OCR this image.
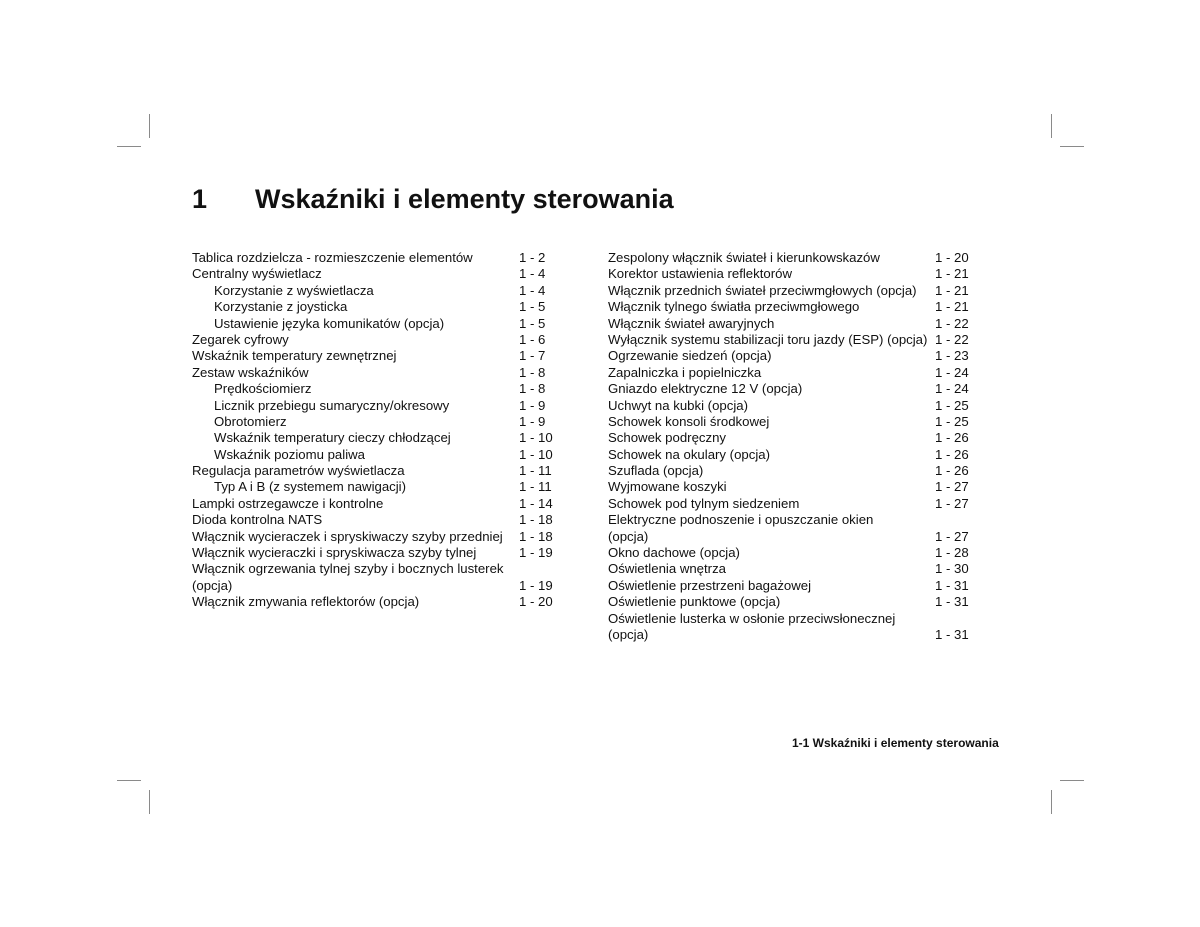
1 Wskaźniki i elementy sterowania
Tablica rozdzielcza - rozmieszczenie elementów	1 - 2
Centralny wyświetlacz	1 - 4
Korzystanie z wyświetlacza	1 - 4
Korzystanie z joysticka	1 - 5
Ustawienie języka komunikatów (opcja)	1 - 5
Zegarek cyfrowy	1 - 6
Wskaźnik temperatury zewnętrznej	1 - 7
Zestaw wskaźników	1 - 8
Prędkościomierz	1 - 8
Licznik przebiegu sumaryczny/okresowy	1 - 9
Obrotomierz	1 - 9
Wskaźnik temperatury cieczy chłodzącej	1 - 10
Wskaźnik poziomu paliwa	1 - 10
Regulacja parametrów wyświetlacza	1 - 11
Typ A i B (z systemem nawigacji)	1 - 11
Lampki ostrzegawcze i kontrolne	1 - 14
Dioda kontrolna NATS	1 - 18
Włącznik wycieraczek i spryskiwaczy szyby przedniej 1 - 18
Włącznik wycieraczki i spryskiwacza szyby tylnej	1 - 19
Włącznik ogrzewania tylnej szyby i bocznych lusterek
(opcja)	1 - 19
Włącznik zmywania reflektorów (opcja)	1 - 20
Zespolony włącznik świateł i kierunkowskazów	1 - 20
Korektor ustawienia reflektorów	1 - 21
Włącznik przednich świateł przeciwmgłowych (opcja) 1 - 21
Włącznik tylnego światła przeciwmgłowego	1 - 21
Włącznik świateł awaryjnych	1 - 22
Wyłącznik systemu stabilizacji toru jazdy (ESP) (opcja) 1 - 22
Ogrzewanie siedzeń (opcja)	1 - 23
Zapalniczka i popielniczka	1 - 24
Gniazdo elektryczne 12 V (opcja)	1 - 24
Uchwyt na kubki (opcja)	1 - 25
Schowek konsoli środkowej	1 - 25
Schowek podręczny	1 - 26
Schowek na okulary (opcja)	1 - 26
Szuflada (opcja)	1 - 26
Wyjmowane koszyki	1 - 27
Schowek pod tylnym siedzeniem	1 - 27
Elektryczne podnoszenie i opuszczanie okien
(opcja)	1 - 27
Okno dachowe (opcja)	1 - 28
Oświetlenia wnętrza	1 - 30
Oświetlenie przestrzeni bagażowej	1 - 31
Oświetlenie punktowe (opcja)	1 - 31
Oświetlenie lusterka w osłonie przeciwsłonecznej
(opcja)	1 - 31
1-1 Wskaźniki i elementy sterowania
